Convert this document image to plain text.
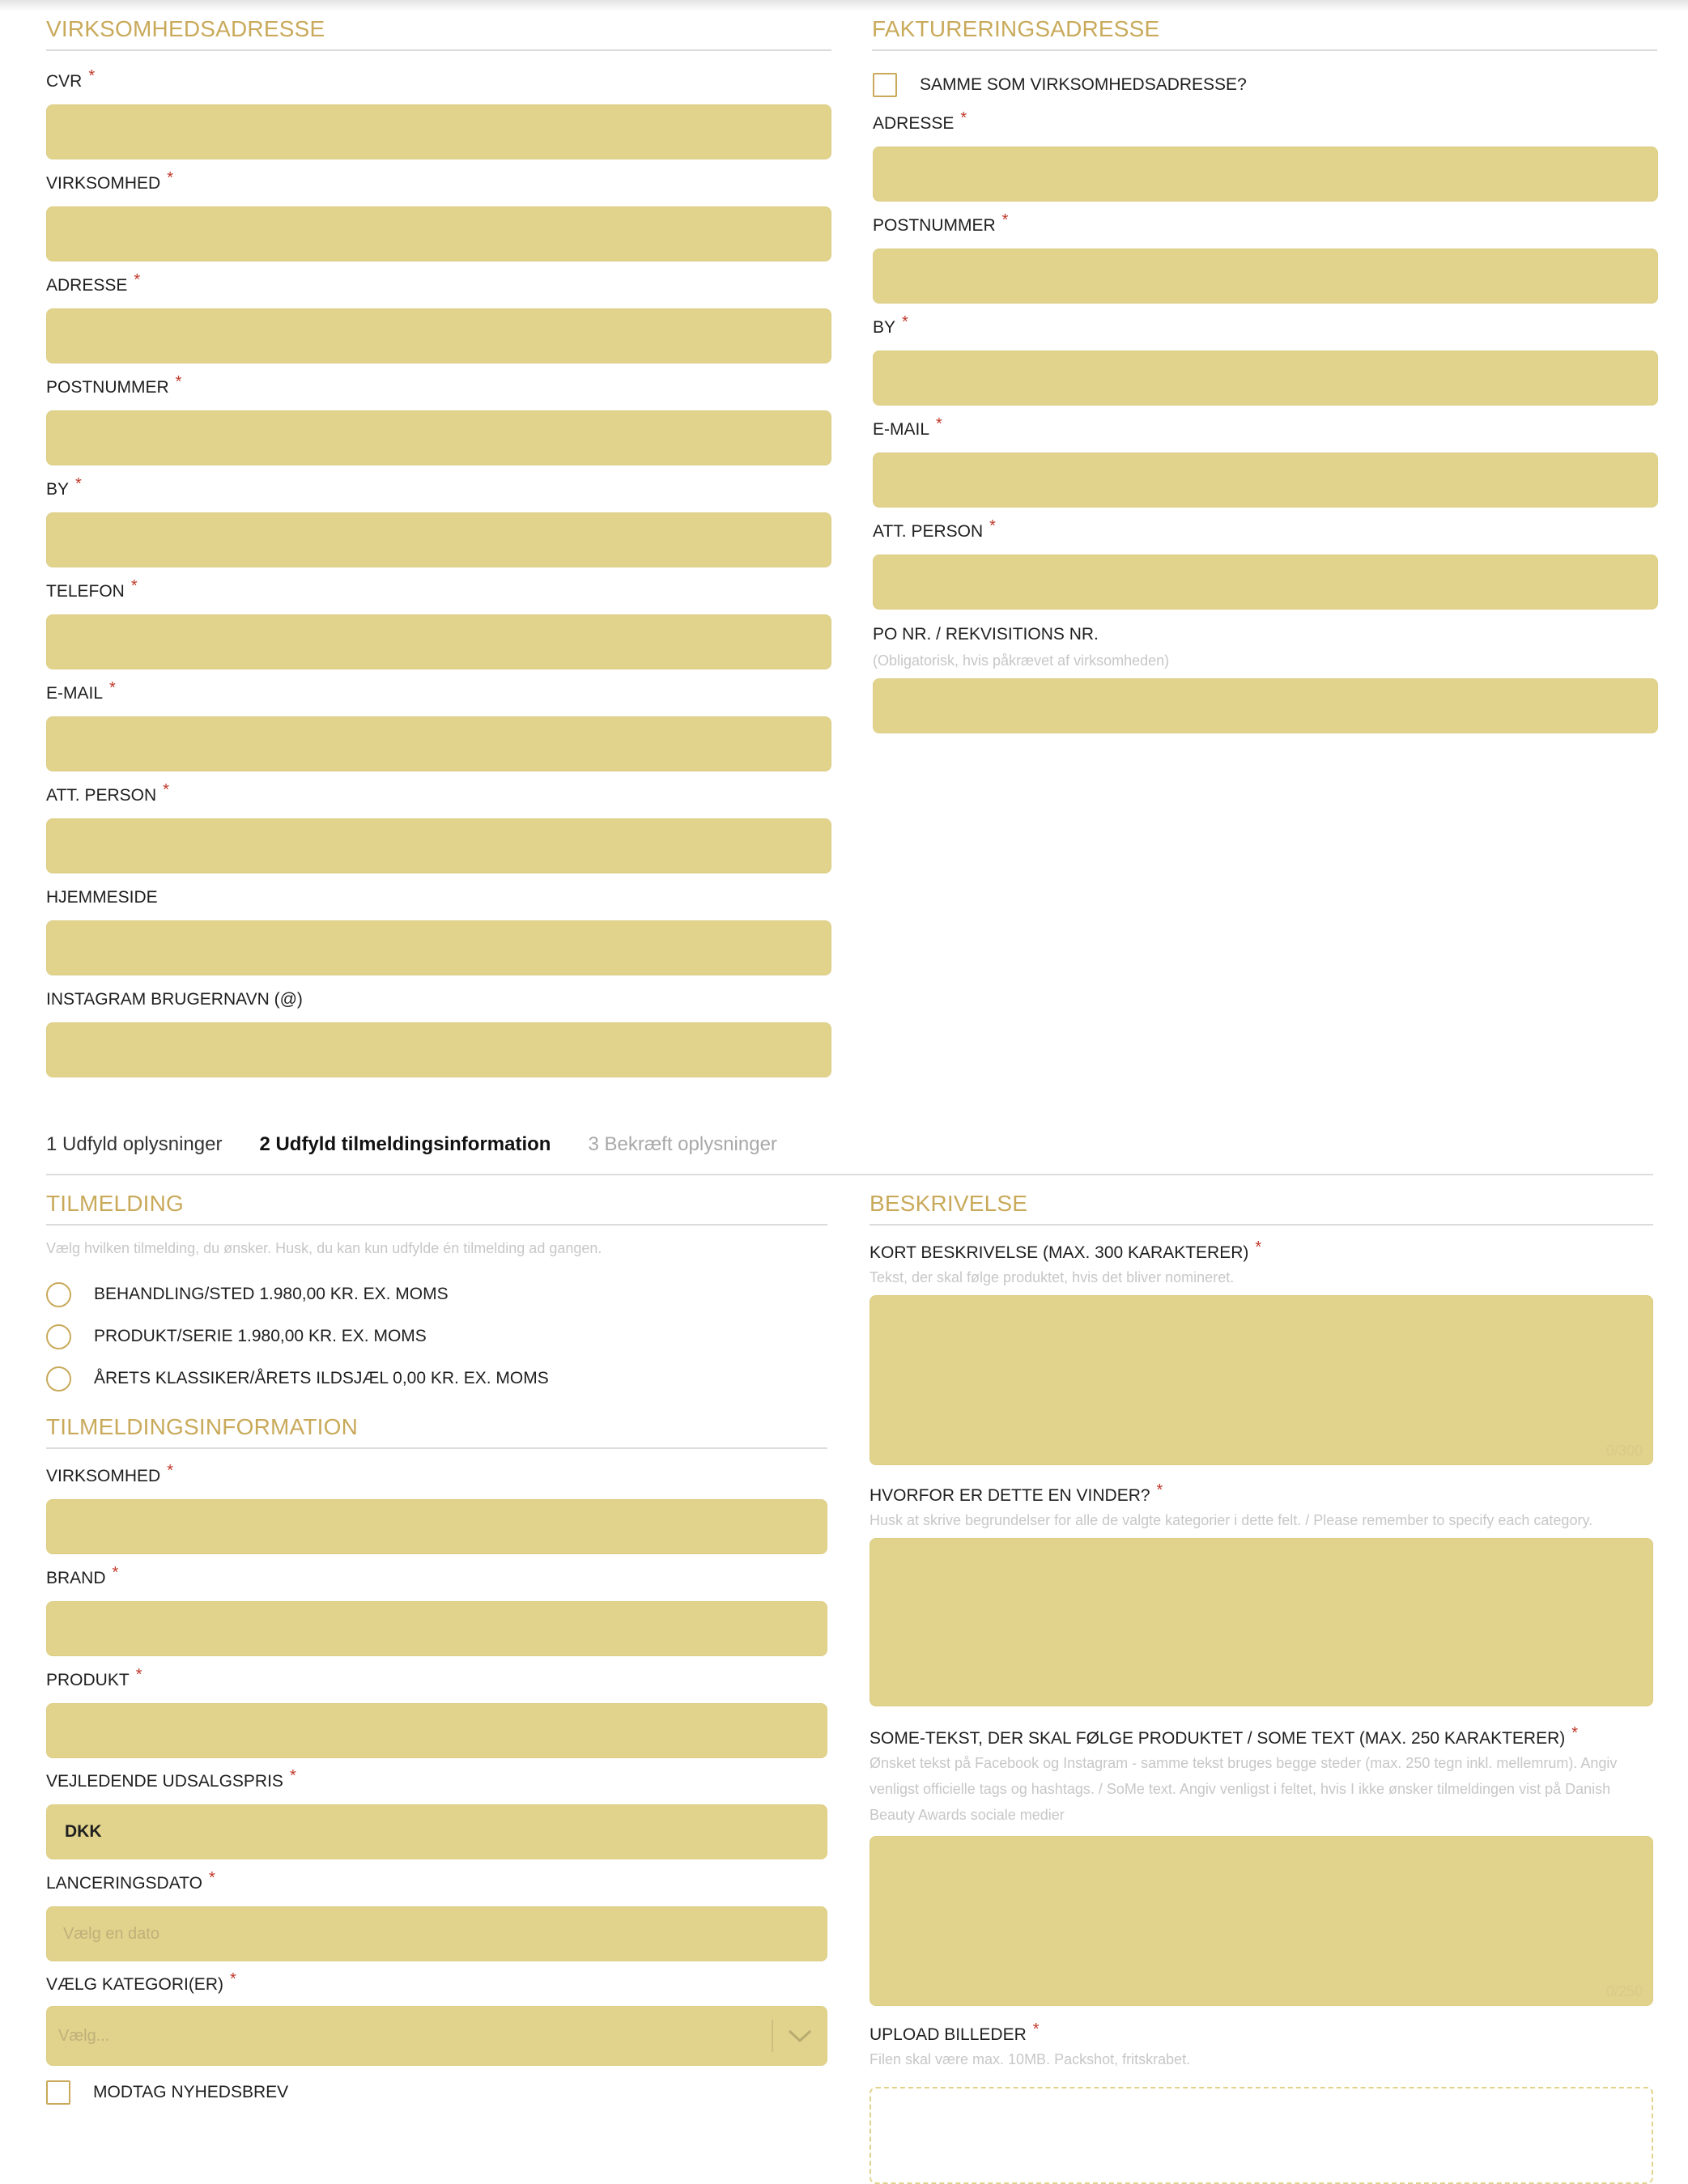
VIRKSOMHEDSADRESSE
CVR *
VIRKSOMHED *
ADRESSE *
POSTNUMMER *
BY *
TELEFON *
E-MAIL *
ATT. PERSON *
HJEMMESIDE
INSTAGRAM BRUGERNAVN (@)
FAKTURERINGSADRESSE
SAMME SOM VIRKSOMHEDSADRESSE?
ADRESSE *
POSTNUMMER *
BY *
E-MAIL *
ATT. PERSON *
PO NR. / REKVISITIONS NR.
(Obligatorisk, hvis påkrævet af virksomheden)
1 Udfyld oplysninger 2 Udfyld tilmeldingsinformation 3 Bekræft oplysninger
TILMELDING
Vælg hvilken tilmelding, du ønsker. Husk, du kan kun udfylde én tilmelding ad gangen.
BEHANDLING/STED 1.980,00 KR. EX. MOMS
PRODUKT/SERIE 1.980,00 KR. EX. MOMS
ÅRETS KLASSIKER/ÅRETS ILDSJÆL 0,00 KR. EX. MOMS
TILMELDINGSINFORMATION
VIRKSOMHED *
BRAND *
PRODUKT *
VEJLEDENDE UDSALGSPRIS *
DKK
LANCERINGSDATO *
Vælg en dato
VÆLG KATEGORI(ER) *
Vælg...
MODTAG NYHEDSBREV
BESKRIVELSE
KORT BESKRIVELSE (MAX. 300 KARAKTERER) *
Tekst, der skal følge produktet, hvis det bliver nomineret.
0/300
HVORFOR ER DETTE EN VINDER? *
Husk at skrive begrundelser for alle de valgte kategorier i dette felt. / Please remember to specify each category.
SOME-TEKST, DER SKAL FØLGE PRODUKTET / SOME TEXT (MAX. 250 KARAKTERER) *
Ønsket tekst på Facebook og Instagram - samme tekst bruges begge steder (max. 250 tegn inkl. mellemrum). Angiv venligst officielle tags og hashtags. / SoMe text. Angiv venligst i feltet, hvis I ikke ønsker tilmeldingen vist på Danish Beauty Awards sociale medier
0/250
UPLOAD BILLEDER *
Filen skal være max. 10MB. Packshot, fritskrabet.
